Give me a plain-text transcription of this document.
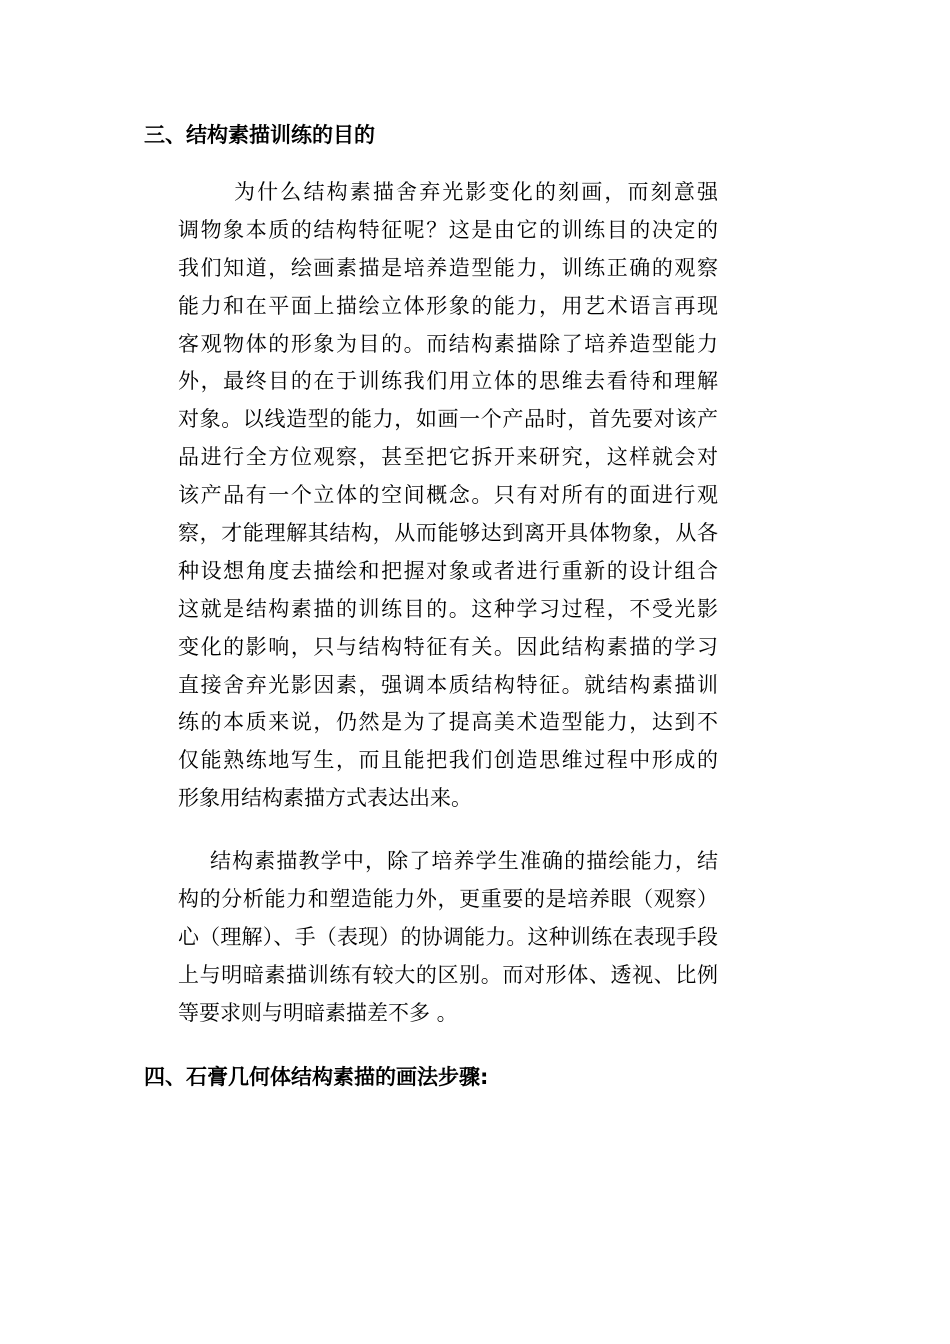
三、结构素描训练的目的
为什么结构素描舍弃光影变化的刻画，而刻意强
调物象本质的结构特征呢？这是由它的训练目的决定的
我们知道，绘画素描是培养造型能力，训练正确的观察
能力和在平面上描绘立体形象的能力，用艺术语言再现
客观物体的形象为目的。而结构素描除了培养造型能力
外，最终目的在于训练我们用立体的思维去看待和理解
对象。以线造型的能力，如画一个产品时，首先要对该产
品进行全方位观察，甚至把它拆开来研究，这样就会对
该产品有一个立体的空间概念。只有对所有的面进行观
察，才能理解其结构，从而能够达到离开具体物象，从各
种设想角度去描绘和把握对象或者进行重新的设计组合
这就是结构素描的训练目的。这种学习过程，不受光影
变化的影响，只与结构特征有关。因此结构素描的学习
直接舍弃光影因素，强调本质结构特征。就结构素描训
练的本质来说，仍然是为了提高美术造型能力，达到不
仅能熟练地写生，而且能把我们创造思维过程中形成的
形象用结构素描方式表达出来。
结构素描教学中，除了培养学生准确的描绘能力，结
构的分析能力和塑造能力外，更重要的是培养眼（观察）
心（理解）、手（表现）的协调能力。这种训练在表现手段
上与明暗素描训练有较大的区别。而对形体、透视、比例
等要求则与明暗素描差不多 。
四、石膏几何体结构素描的画法步骤:
